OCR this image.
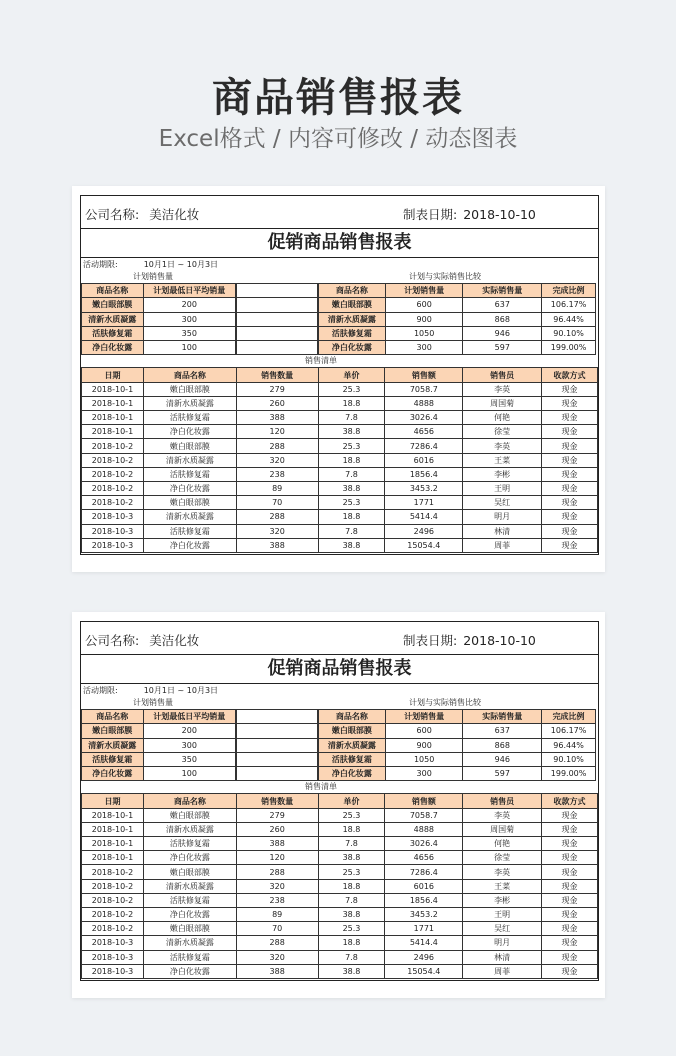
商品销售报表

Excel格式 / 内容可修改 / 动态图表

公司名称: 美洁化妆	制表日期: 2018-10-10
促销商品销售报表
活动期限:	10月1日 ~ 10月3日
计划销售量	计划与实际销售比较
商品名称	计划最低日平均销量
嫩白眼部膜	200
清新水质凝露	300
活肤修复霜	350
净白化妆露	100

商品名称	计划销售量	实际销售量	完成比例
嫩白眼部膜	600	637	106.17%
清新水质凝露	900	868	96.44%
活肤修复霜	1050	946	90.10%
净白化妆露	300	597	199.00%
销售清单
日期	商品名称	销售数量	单价	销售额	销售员	收款方式
2018-10-1	嫩白眼部膜	279	25.3	7058.7	李英	现金
2018-10-1	清新水质凝露	260	18.8	4888	周国菊	现金
2018-10-1	活肤修复霜	388	7.8	3026.4	何艳	现金
2018-10-1	净白化妆露	120	38.8	4656	徐莹	现金
2018-10-2	嫩白眼部膜	288	25.3	7286.4	李英	现金
2018-10-2	清新水质凝露	320	18.8	6016	王菜	现金
2018-10-2	活肤修复霜	238	7.8	1856.4	李彬	现金
2018-10-2	净白化妆露	89	38.8	3453.2	王明	现金
2018-10-2	嫩白眼部膜	70	25.3	1771	吴红	现金
2018-10-3	清新水质凝露	288	18.8	5414.4	明月	现金
2018-10-3	活肤修复霜	320	7.8	2496	林清	现金
2018-10-3	净白化妆露	388	38.8	15054.4	周菲	现金
公司名称: 美洁化妆	制表日期: 2018-10-10
促销商品销售报表
活动期限:	10月1日 ~ 10月3日
计划销售量	计划与实际销售比较
商品名称	计划最低日平均销量
嫩白眼部膜	200
清新水质凝露	300
活肤修复霜	350
净白化妆露	100

商品名称	计划销售量	实际销售量	完成比例
嫩白眼部膜	600	637	106.17%
清新水质凝露	900	868	96.44%
活肤修复霜	1050	946	90.10%
净白化妆露	300	597	199.00%
销售清单
日期	商品名称	销售数量	单价	销售额	销售员	收款方式
2018-10-1	嫩白眼部膜	279	25.3	7058.7	李英	现金
2018-10-1	清新水质凝露	260	18.8	4888	周国菊	现金
2018-10-1	活肤修复霜	388	7.8	3026.4	何艳	现金
2018-10-1	净白化妆露	120	38.8	4656	徐莹	现金
2018-10-2	嫩白眼部膜	288	25.3	7286.4	李英	现金
2018-10-2	清新水质凝露	320	18.8	6016	王菜	现金
2018-10-2	活肤修复霜	238	7.8	1856.4	李彬	现金
2018-10-2	净白化妆露	89	38.8	3453.2	王明	现金
2018-10-2	嫩白眼部膜	70	25.3	1771	吴红	现金
2018-10-3	清新水质凝露	288	18.8	5414.4	明月	现金
2018-10-3	活肤修复霜	320	7.8	2496	林清	现金
2018-10-3	净白化妆露	388	38.8	15054.4	周菲	现金
